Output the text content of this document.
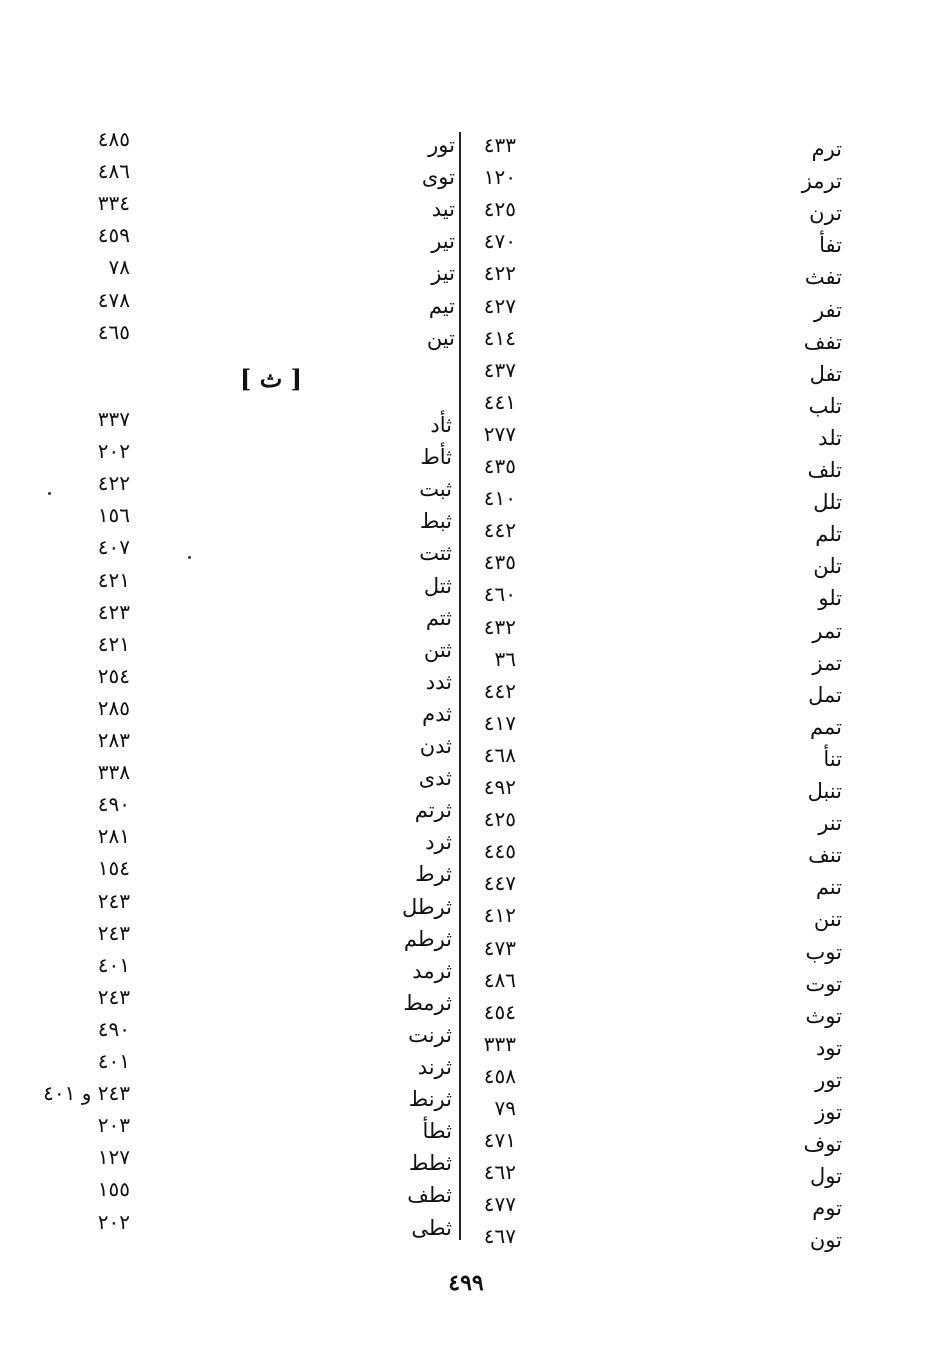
ترم
ترمز
ترن
تفأ
تفث
تفر
تفف
تفل
تلب
تلد
تلف
تلل
تلم
تلن
تلو
تمر
تمز
تمل
تمم
تنأ
تنبل
تنر
تنف
تنم
تنن
توب
توت
توث
تود
تور
توز
توف
تول
توم
تون
٤٣٣
١٢٠
٤٢٥
٤٧٠
٤٢٢
٤٢٧
٤١٤
٤٣٧
٤٤١
٢٧٧
٤٣٥
٤١٠
٤٤٢
٤٣٥
٤٦٠
٤٣٢
٣٦
٤٤٢
٤١٧
٤٦٨
٤٩٢
٤٢٥
٤٤٥
٤٤٧
٤١٢
٤٧٣
٤٨٦
٤٥٤
٣٣٣
٤٥٨
٧٩
٤٧١
٤٦٢
٤٧٧
٤٦٧
تور
توى
تيد
تير
تيز
تيم
تين
٤٨٥
٤٨٦
٣٣٤
٤٥٩
٧٨
٤٧٨
٤٦٥
[ ث ]
ثأد
ثأط
ثبت
ثبط
ثتت
ثتل
ثتم
ثتن
ثدد
ثدم
ثدن
ثدى
ثرتم
ثرد
ثرط
ثرطل
ثرطم
ثرمد
ثرمط
ثرنت
ثرند
ثرنط
ثطأ
ثطط
ثطف
ثطى
٣٣٧
٢٠٢
٤٢٢
١٥٦
٤٠٧
٤٢١
٤٢٣
٤٢١
٢٥٤
٢٨٥
٢٨٣
٣٣٨
٤٩٠
٢٨١
١٥٤
٢٤٣
٢٤٣
٤٠١
٢٤٣
٤٩٠
٤٠١
٢٤٣ و ٤٠١
٢٠٣
١٢٧
١٥٥
٢٠٢
٤٩٩
